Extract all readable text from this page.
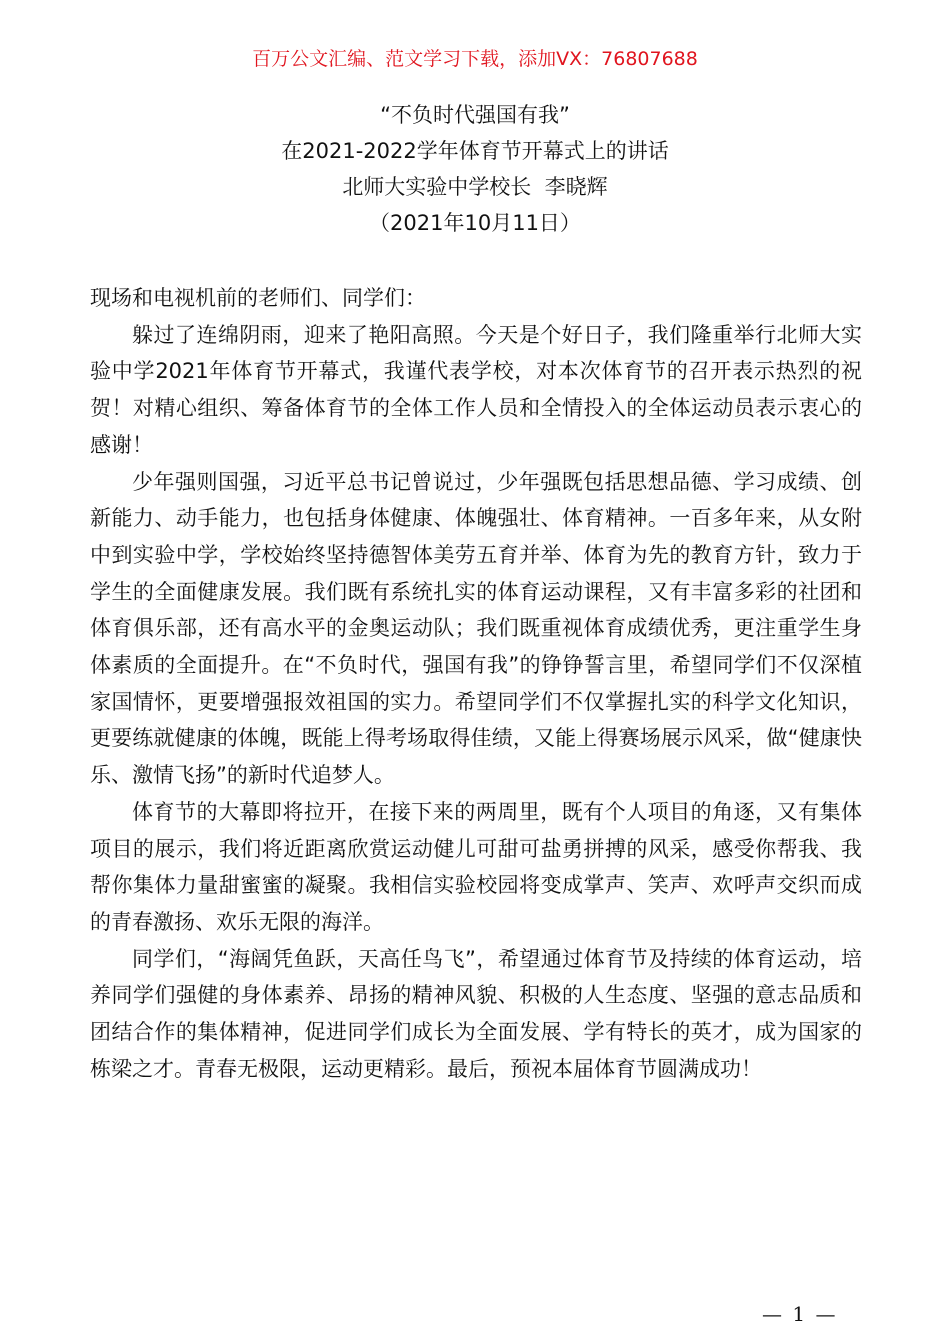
百万公文汇编、范文学习下载，添加VX：76807688
“不负时代强国有我”
在2021-2022学年体育节开幕式上的讲话
北师大实验中学校长  李晓辉
（2021年10月11日）

现场和电视机前的老师们、同学们：

躲过了连绵阴雨，迎来了艳阳高照。今天是个好日子，我们隆重举行北师大实验中学2021年体育节开幕式，我谨代表学校，对本次体育节的召开表示热烈的祝贺！对精心组织、筹备体育节的全体工作人员和全情投入的全体运动员表示衷心的感谢！

少年强则国强，习近平总书记曾说过，少年强既包括思想品德、学习成绩、创新能力、动手能力，也包括身体健康、体魄强壮、体育精神。一百多年来，从女附中到实验中学，学校始终坚持德智体美劳五育并举、体育为先的教育方针，致力于学生的全面健康发展。我们既有系统扎实的体育运动课程，又有丰富多彩的社团和体育俱乐部，还有高水平的金奥运动队；我们既重视体育成绩优秀，更注重学生身体素质的全面提升。在“不负时代，强国有我”的铮铮誓言里，希望同学们不仅深植家国情怀，更要增强报效祖国的实力。希望同学们不仅掌握扎实的科学文化知识，更要练就健康的体魄，既能上得考场取得佳绩，又能上得赛场展示风采，做“健康快乐、激情飞扬”的新时代追梦人。

体育节的大幕即将拉开，在接下来的两周里，既有个人项目的角逐，又有集体项目的展示，我们将近距离欣赏运动健儿可甜可盐勇拼搏的风采，感受你帮我、我帮你集体力量甜蜜蜜的凝聚。我相信实验校园将变成掌声、笑声、欢呼声交织而成的青春激扬、欢乐无限的海洋。

同学们，“海阔凭鱼跃，天高任鸟飞”，希望通过体育节及持续的体育运动，培养同学们强健的身体素养、昂扬的精神风貌、积极的人生态度、坚强的意志品质和团结合作的集体精神，促进同学们成长为全面发展、学有特长的英才，成为国家的栋梁之才。青春无极限，运动更精彩。最后，预祝本届体育节圆满成功！

— 1 —
